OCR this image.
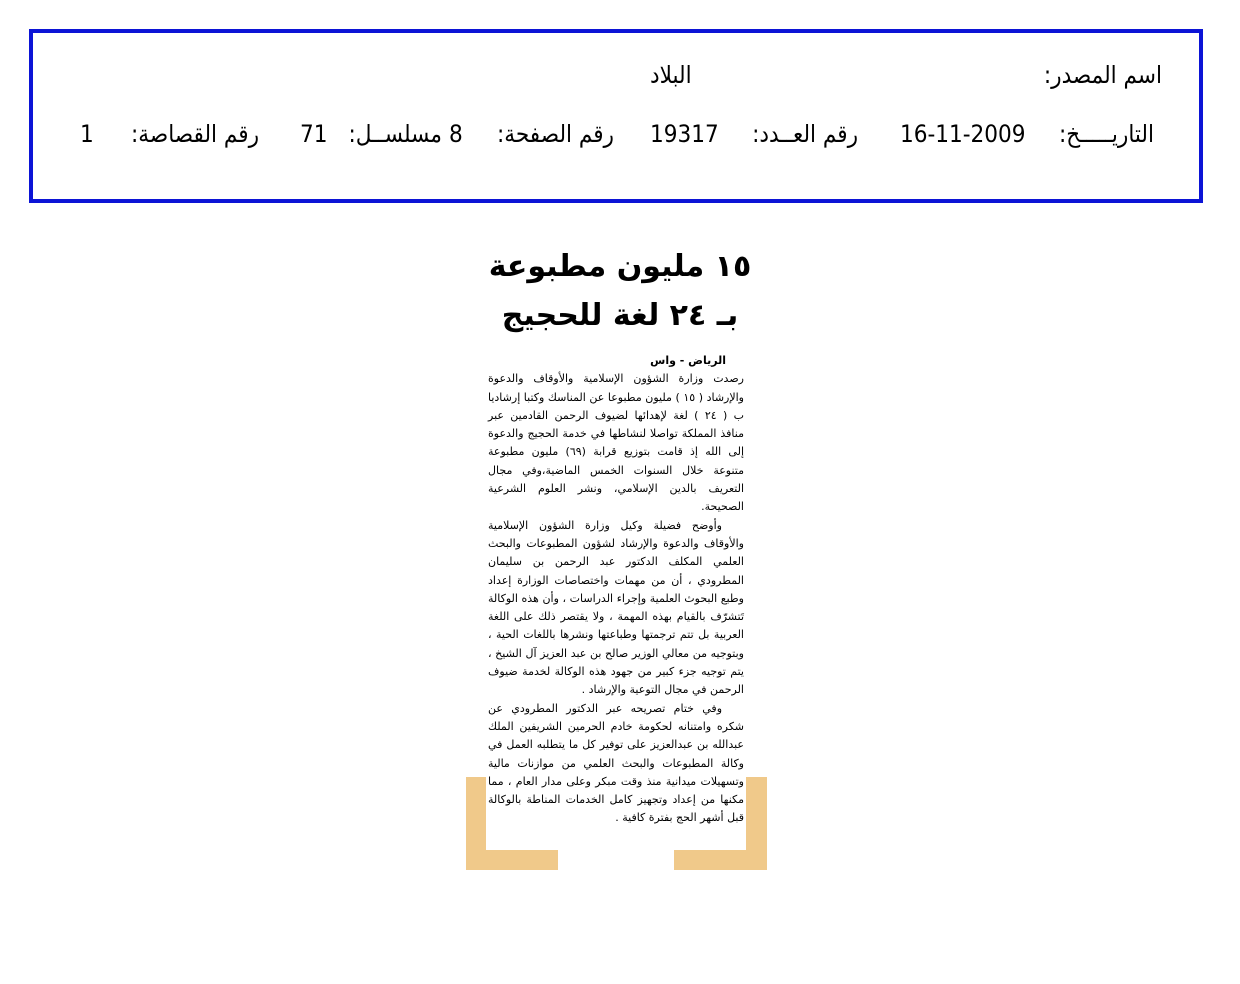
اسم المصدر:
البلاد
التاريـــــخ:
16-11-2009
رقم العــدد:
19317
رقم الصفحة:
8
مسلســل:
71
رقم القصاصة:
1
١٥ مليون مطبوعة
بـ ٢٤ لغة للحجيج

الرياض - واس

رصدت وزارة الشؤون الإسلامية والأوقاف والدعوة والإرشاد ( ١٥ ) مليون مطبوعا عن المناسك وكتبا إرشاديا ب ( ٢٤ ) لغة لإهدائها لضيوف الرحمن القادمين عبر منافذ المملكة تواصلا لنشاطها في خدمة الحجيج والدعوة إلى الله إذ قامت بتوزيع قرابة (٦٩) مليون مطبوعة متنوعة خلال السنوات الخمس الماضية،وفي مجال التعريف بالدين الإسلامي، ونشر العلوم الشرعية الصحيحة.

وأوضح فضيلة وكيل وزارة الشؤون الإسلامية والأوقاف والدعوة والإرشاد لشؤون المطبوعات والبحث العلمي المكلف الدكتور عبد الرحمن بن سليمان المطرودي ، أن من مهمات واختصاصات الوزارة إعداد وطبع البحوث العلمية وإجراء الدراسات ، وأن هذه الوكالة تَتشرّف بالقيام بهذه المهمة ، ولا يقتصر ذلك على اللغة العربية بل تتم ترجمتها وطباعتها ونشرها باللغات الحية ، وبتوجيه من معالي الوزير صالح بن عبد العزيز آل الشيخ ، يتم توجيه جزء كبير من جهود هذه الوكالة لخدمة ضيوف الرحمن في مجال التوعية والإرشاد .

وفي ختام تصريحه عبر الدكتور المطرودي عن شكره وامتنانه لحكومة خادم الحرمين الشريفين الملك عبدالله بن عبدالعزيز على توفير كل ما يتطلبه العمل في وكالة المطبوعات والبحث العلمي من موازنات مالية وتسهيلات ميدانية منذ وقت مبكر وعلى مدار العام ، مما مكنها من إعداد وتجهيز كامل الخدمات المناطة بالوكالة قبل أشهر الحج بفترة كافية .
